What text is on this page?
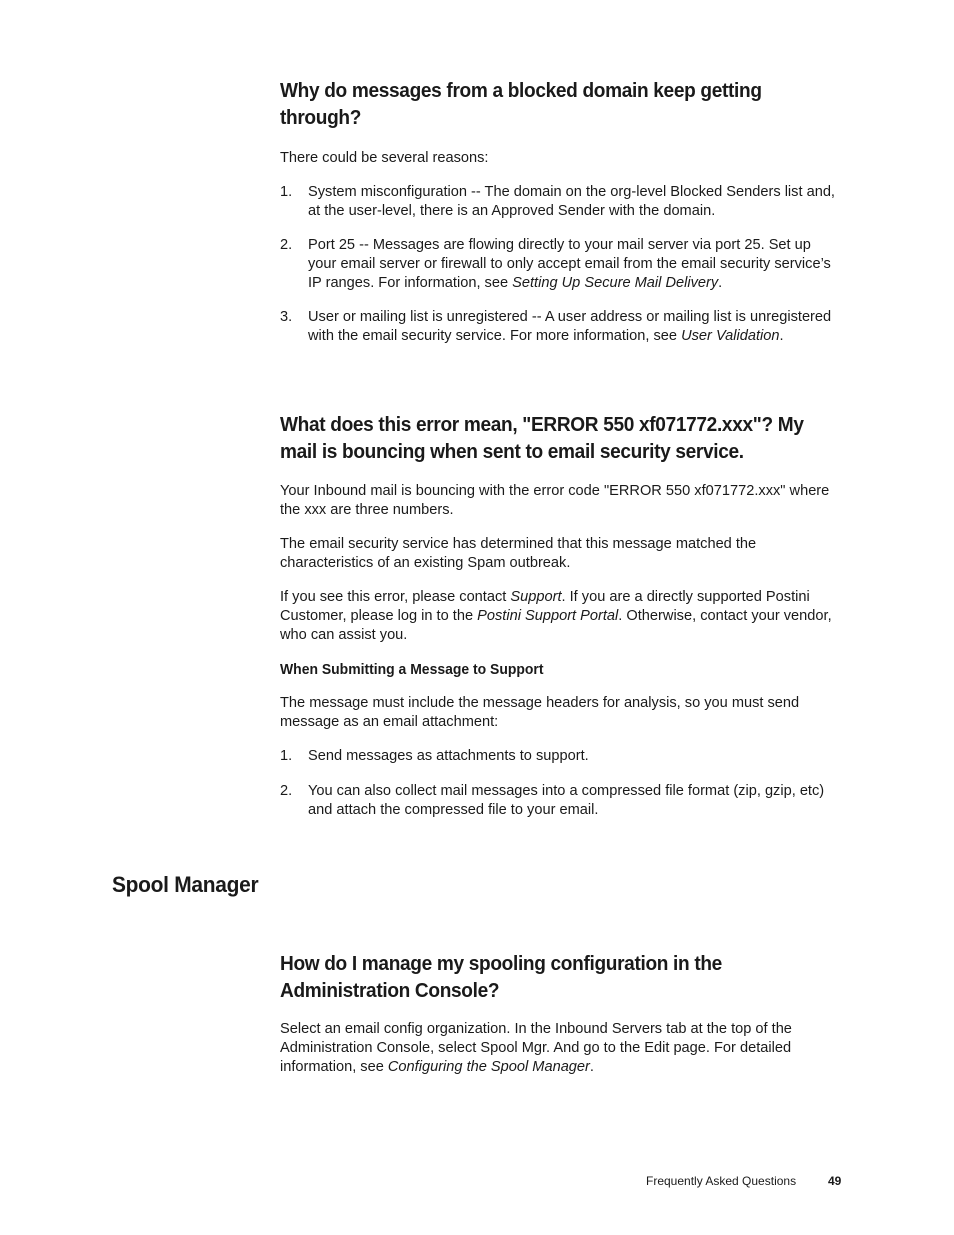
Why do messages from a blocked domain keep getting through?

There could be several reasons:

1. System misconfiguration -- The domain on the org-level Blocked Senders list and, at the user-level, there is an Approved Sender with the domain.
2. Port 25 -- Messages are flowing directly to your mail server via port 25. Set up your email server or firewall to only accept email from the email security service’s IP ranges. For information, see Setting Up Secure Mail Delivery.
3. User or mailing list is unregistered -- A user address or mailing list is unregistered with the email security service. For more information, see User Validation.
What does this error mean, "ERROR 550 xf071772.xxx"? My mail is bouncing when sent to email security service.

Your Inbound mail is bouncing with the error code "ERROR 550 xf071772.xxx" where the xxx are three numbers.

The email security service has determined that this message matched the characteristics of an existing Spam outbreak.

If you see this error, please contact Support. If you are a directly supported Postini Customer, please log in to the Postini Support Portal. Otherwise, contact your vendor, who can assist you.

When Submitting a Message to Support

The message must include the message headers for analysis, so you must send message as an email attachment:

1. Send messages as attachments to support.
2. You can also collect mail messages into a compressed file format (zip, gzip, etc) and attach the compressed file to your email.
Spool Manager
How do I manage my spooling configuration in the Administration Console?

Select an email config organization. In the Inbound Servers tab at the top of the Administration Console, select Spool Mgr. And go to the Edit page. For detailed information, see Configuring the Spool Manager.

Frequently Asked Questions	49
